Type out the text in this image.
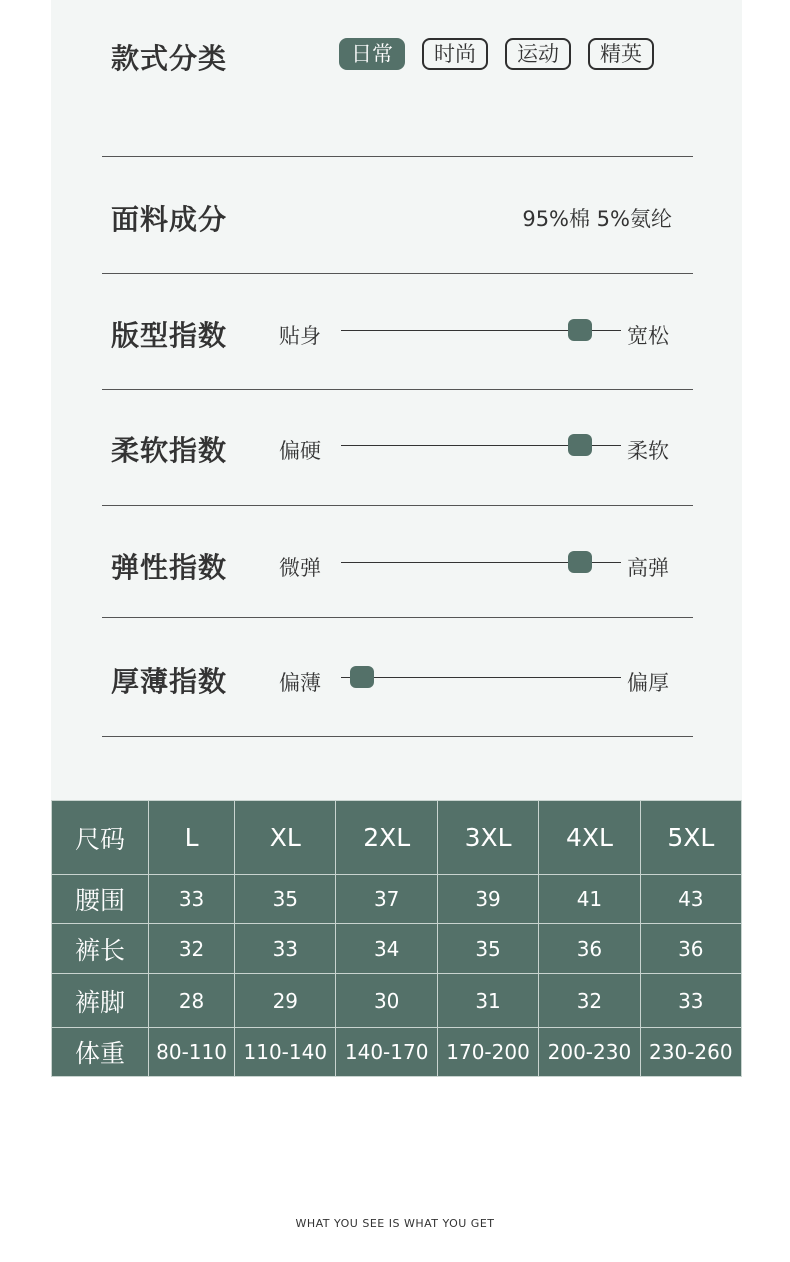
款式分类	日常	时尚	运动	精英
面料成分	95%棉 5%氨纶
版型指数 贴身	宽松
柔软指数 偏硬	柔软
弹性指数 微弹	高弹
厚薄指数 偏薄	偏厚
尺码	L	XL	2XL	3XL	4XL	5XL
腰围	33	35	37	39	41	43
裤长	32	33	34	35	36	36
裤脚	28	29	30	31	32	33
体重	80-110	110-140	140-170	170-200	200-230	230-260
WHAT YOU SEE IS WHAT YOU GET
